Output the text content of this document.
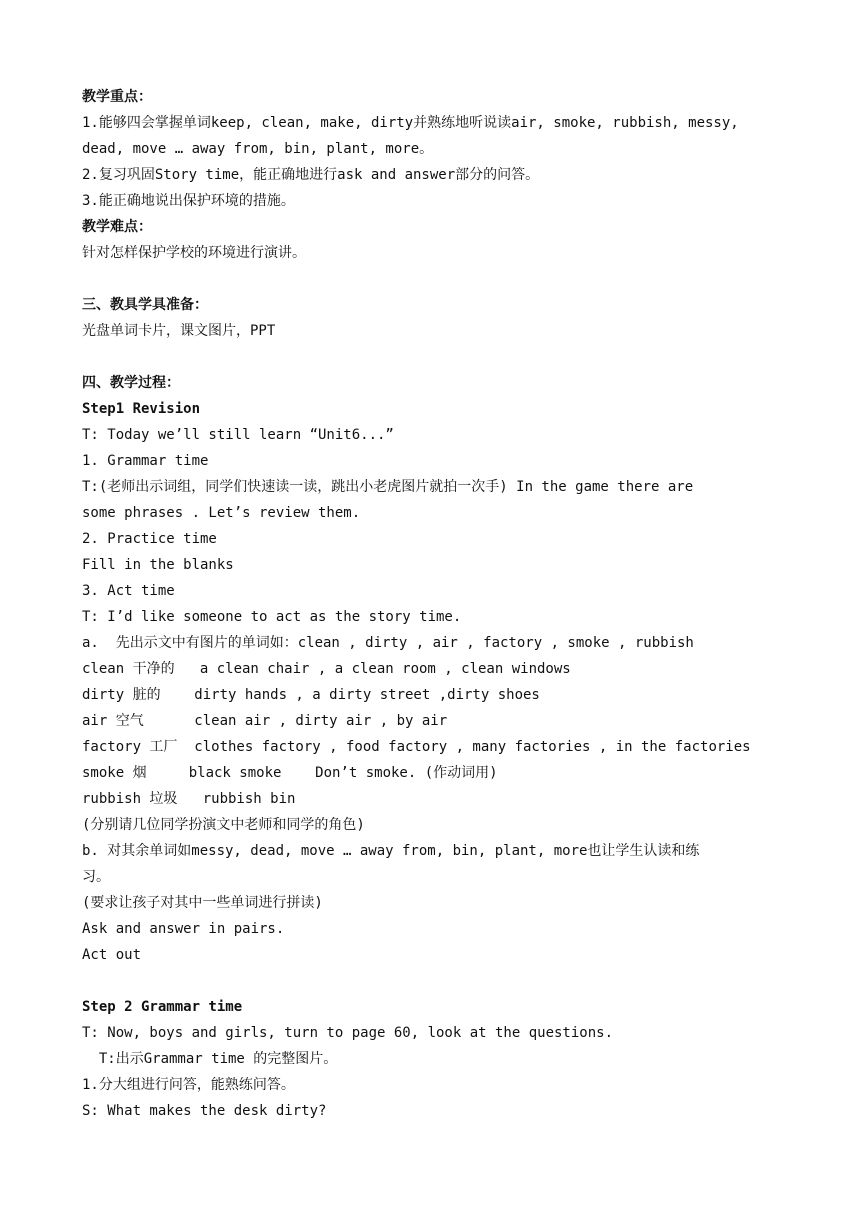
教学重点：
1.能够四会掌握单词keep, clean, make, dirty并熟练地听说读air, smoke, rubbish, messy,
dead, move … away from, bin, plant, more。
2.复习巩固Story time，能正确地进行ask and answer部分的问答。
3.能正确地说出保护环境的措施。
教学难点：
针对怎样保护学校的环境进行演讲。
三、教具学具准备：
光盘单词卡片，课文图片，PPT
四、教学过程：
Step1 Revision
T: Today we’ll still learn “Unit6...”
1. Grammar time
T:(老师出示词组，同学们快速读一读，跳出小老虎图片就拍一次手) In the game there are
some phrases . Let’s review them.
2. Practice time
Fill in the blanks
3. Act time
T: I’d like someone to act as the story time.
a.  先出示文中有图片的单词如：clean , dirty , air , factory , smoke , rubbish
clean 干净的   a clean chair , a clean room , clean windows
dirty 脏的    dirty hands , a dirty street ,dirty shoes
air 空气      clean air , dirty air , by air
factory 工厂  clothes factory , food factory , many factories , in the factories
smoke 烟     black smoke    Don’t smoke. (作动词用)
rubbish 垃圾   rubbish bin
(分别请几位同学扮演文中老师和同学的角色)
b. 对其余单词如messy, dead, move … away from, bin, plant, more也让学生认读和练
习。
(要求让孩子对其中一些单词进行拼读)
Ask and answer in pairs.
Act out
Step 2 Grammar time
T: Now, boys and girls, turn to page 60, look at the questions.
T:出示Grammar time 的完整图片。
1.分大组进行问答，能熟练问答。
S: What makes the desk dirty?
